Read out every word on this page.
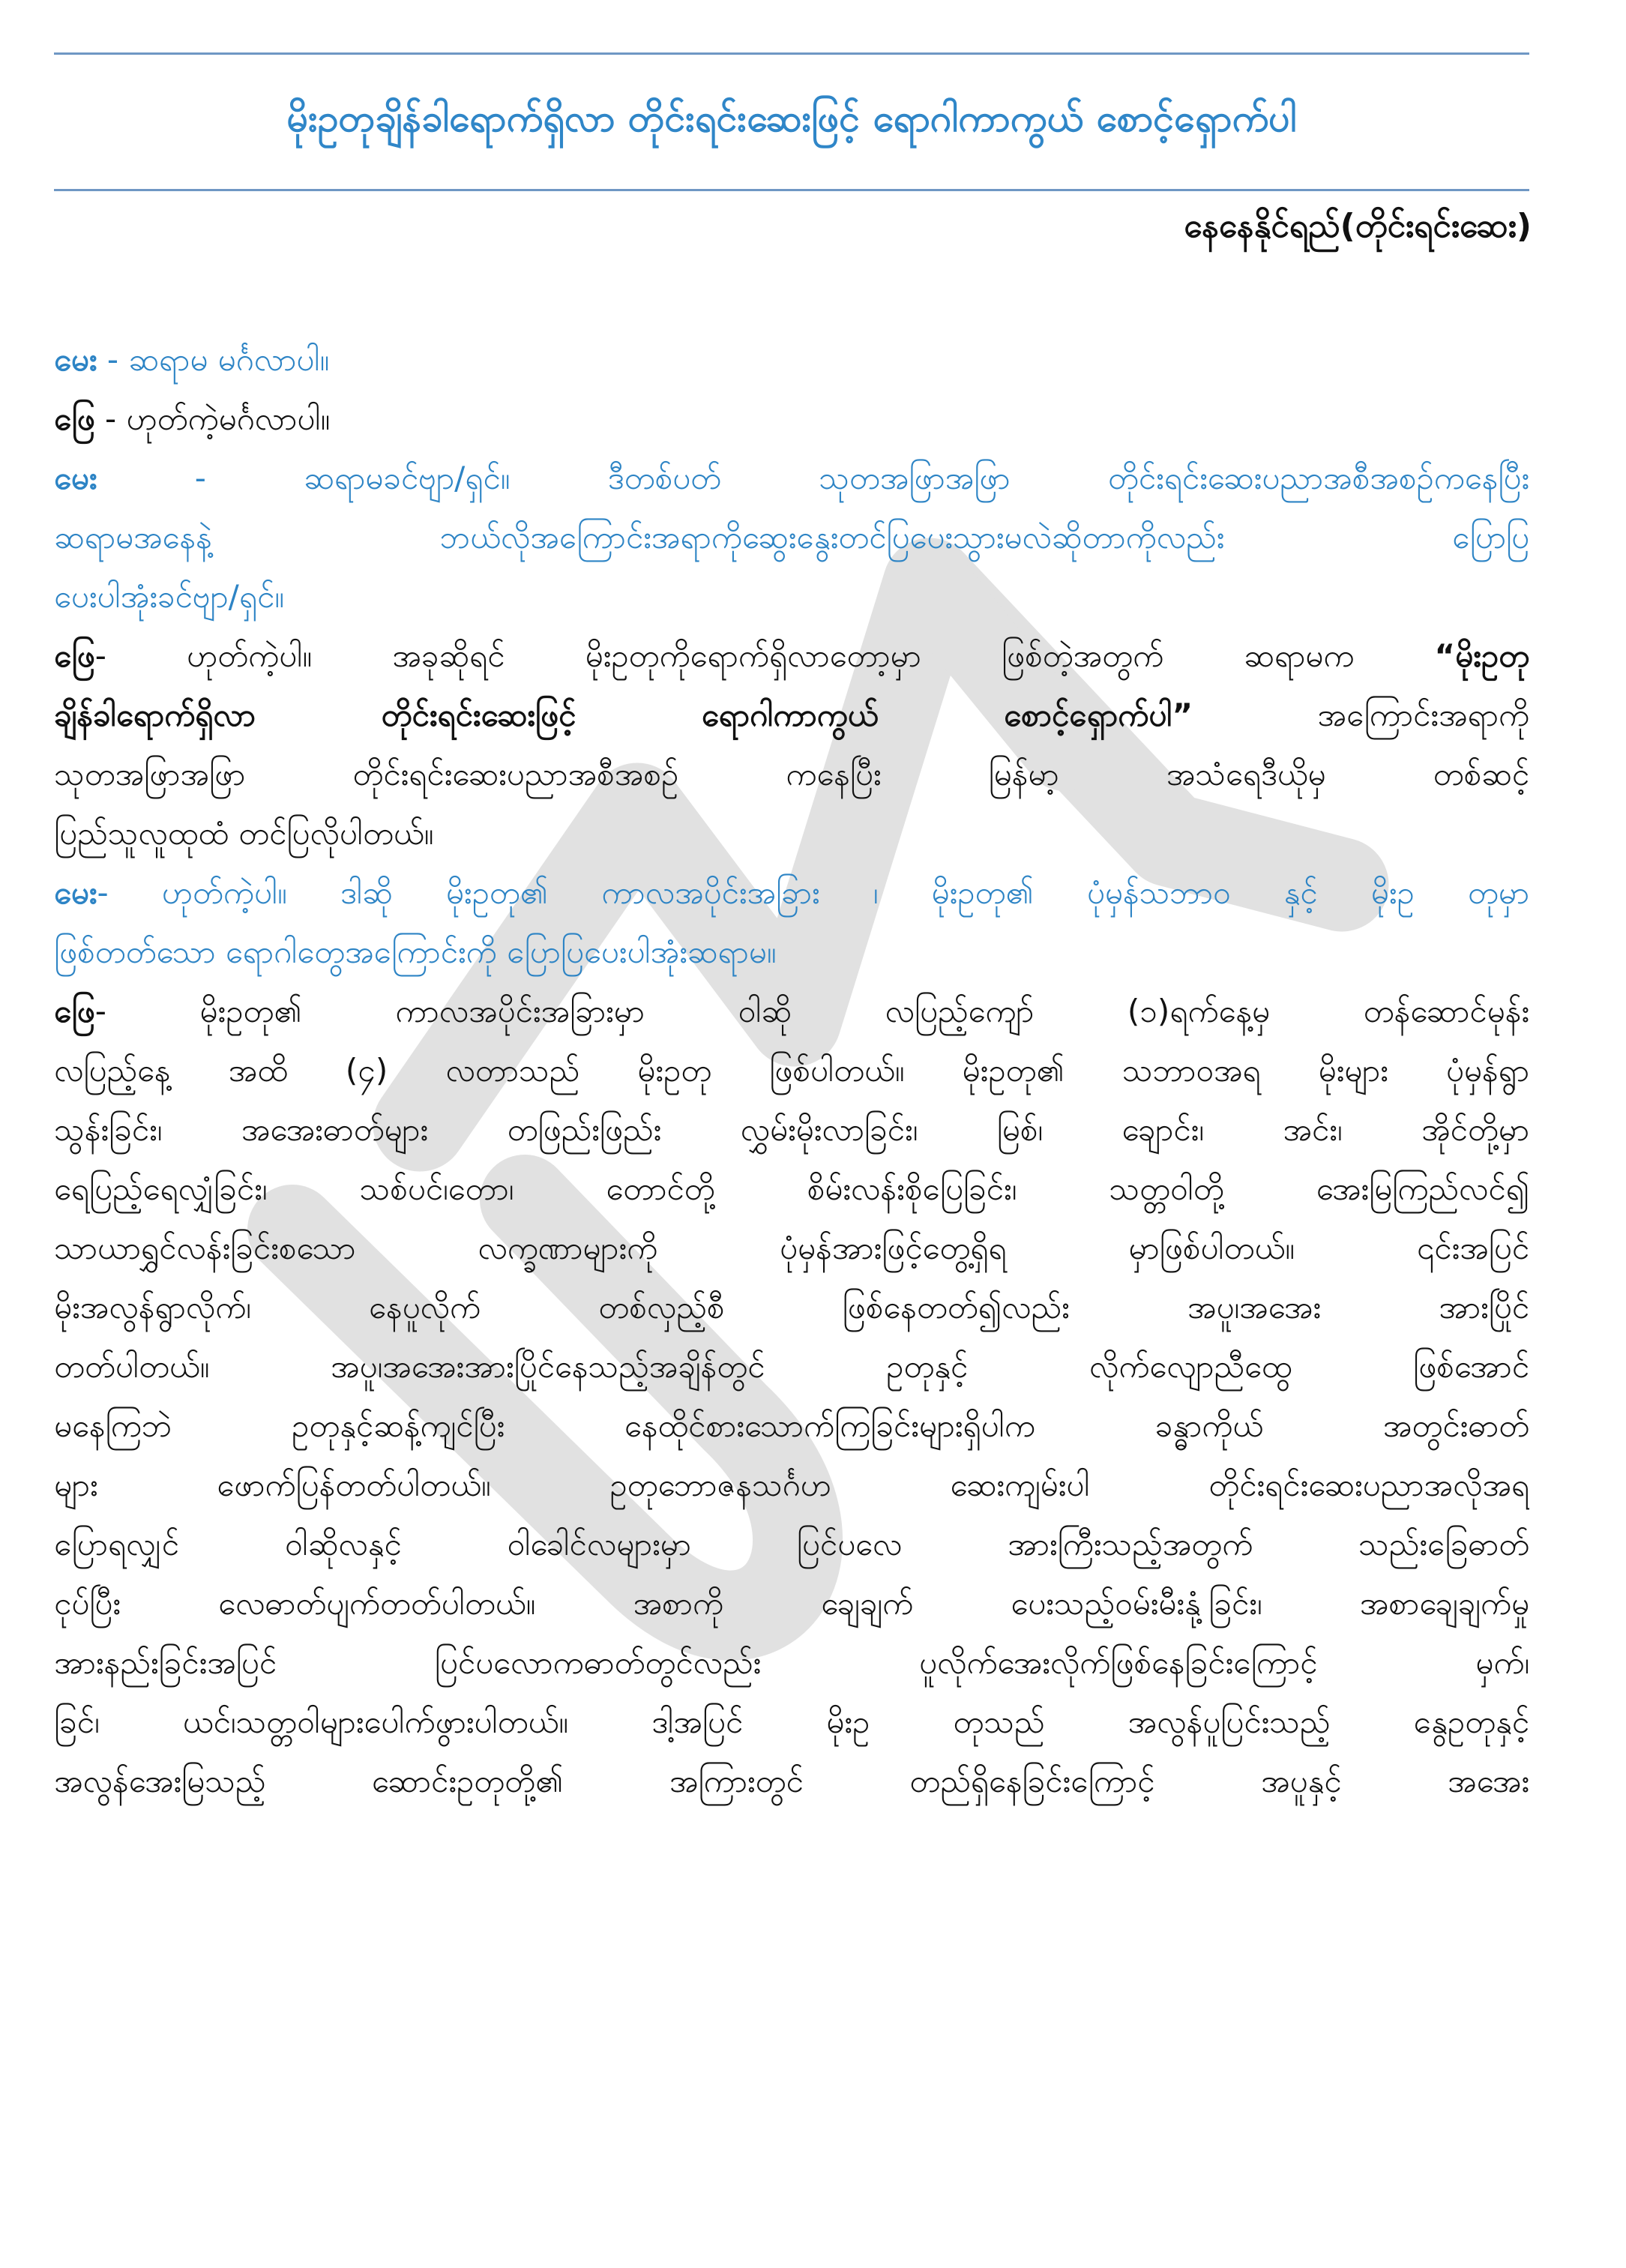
မိုးဥတုချိန်ခါရောက်ရှိလာ တိုင်းရင်းဆေးဖြင့် ရောဂါကာကွယ် စောင့်ရှောက်ပါ
နေနေနိုင်ရည်(တိုင်းရင်းဆေး)
မေး - ဆရာမ မင်္ဂလာပါ။
ဖြေ - ဟုတ်ကဲ့မင်္ဂလာပါ။
မေး - ဆရာမခင်ဗျာ/ရှင်။ ဒီတစ်ပတ် သုတအဖြာအဖြာ တိုင်းရင်းဆေးပညာအစီအစဉ်ကနေပြီး
ဆရာမအနေနဲ့ ဘယ်လိုအကြောင်းအရာကိုဆွေးနွေးတင်ပြပေးသွားမလဲဆိုတာကိုလည်း ပြောပြ
ပေးပါအုံးခင်ဗျာ/ရှင်။
ဖြေ- ဟုတ်ကဲ့ပါ။ အခုဆိုရင် မိုးဥတုကိုရောက်ရှိလာတော့မှာ ဖြစ်တဲ့အတွက် ဆရာမက “မိုးဥတု
ချိန်ခါရောက်ရှိလာ တိုင်းရင်းဆေးဖြင့် ရောဂါကာကွယ် စောင့်ရှောက်ပါ” အကြောင်းအရာကို
သုတအဖြာအဖြာ တိုင်းရင်းဆေးပညာအစီအစဉ် ကနေပြီး မြန်မာ့ အသံရေဒီယိုမှ တစ်ဆင့်
ပြည်သူလူထုထံ တင်ပြလိုပါတယ်။
မေး- ဟုတ်ကဲ့ပါ။ ဒါဆို မိုးဥတု၏ ကာလအပိုင်းအခြား ၊ မိုးဥတု၏ ပုံမှန်သဘာဝ နှင့် မိုးဥ တုမှာ
ဖြစ်တတ်သော ရောဂါတွေအကြောင်းကို ပြောပြပေးပါအုံးဆရာမ။
ဖြေ- မိုးဥတု၏ ကာလအပိုင်းအခြားမှာ ဝါဆို လပြည့်ကျော် (၁)ရက်နေ့မှ တန်ဆောင်မုန်း
လပြည့်နေ့ အထိ (၄) လတာသည် မိုးဥတု ဖြစ်ပါတယ်။ မိုးဥတု၏ သဘာဝအရ မိုးများ ပုံမှန်ရွာ
သွန်းခြင်း၊ အအေးဓာတ်များ တဖြည်းဖြည်း လွှမ်းမိုးလာခြင်း၊ မြစ်၊ ချောင်း၊ အင်း၊ အိုင်တို့မှာ
ရေပြည့်ရေလျှံခြင်း၊ သစ်ပင်၊တော၊ တောင်တို့ စိမ်းလန်းစိုပြေခြင်း၊ သတ္တဝါတို့ အေးမြကြည်လင်၍
သာယာရွှင်လန်းခြင်းစသော လက္ခဏာများကို ပုံမှန်အားဖြင့်တွေ့ရှိရ မှာဖြစ်ပါတယ်။ ၎င်းအပြင်
မိုးအလွန်ရွာလိုက်၊ နေပူလိုက် တစ်လှည့်စီ ဖြစ်နေတတ်၍လည်း အပူ၊အအေး အားပြိုင်
တတ်ပါတယ်။ အပူ၊အအေးအားပြိုင်နေသည့်အချိန်တွင် ဥတုနှင့် လိုက်လျောညီထွေ ဖြစ်အောင်
မနေကြဘဲ ဥတုနှင့်ဆန့်ကျင်ပြီး နေထိုင်စားသောက်ကြခြင်းများရှိပါက ခန္ဓာကိုယ် အတွင်းဓာတ်
များ ဖောက်ပြန်တတ်ပါတယ်။ ဥတုဘောဇနသင်္ဂဟ ဆေးကျမ်းပါ တိုင်းရင်းဆေးပညာအလိုအရ
ပြောရလျှင် ဝါဆိုလနှင့် ဝါခေါင်လများမှာ ပြင်ပလေ အားကြီးသည့်အတွက် သည်းခြေဓာတ်
ငုပ်ပြီး လေဓာတ်ပျက်တတ်ပါတယ်။ အစာကို ချေချက် ပေးသည့်ဝမ်းမီးနုံ့ခြင်း၊ အစာချေချက်မှု
အားနည်းခြင်းအပြင် ပြင်ပလောကဓာတ်တွင်လည်း ပူလိုက်အေးလိုက်ဖြစ်နေခြင်းကြောင့် မှက်၊
ခြင်၊ ယင်၊သတ္တဝါများပေါက်ဖွားပါတယ်။ ဒါ့အပြင် မိုးဥ တုသည် အလွန်ပူပြင်းသည့် နွေဥတုနှင့်
အလွန်အေးမြသည့် ဆောင်းဥတုတို့၏ အကြားတွင် တည်ရှိနေခြင်းကြောင့် အပူနှင့် အအေး
